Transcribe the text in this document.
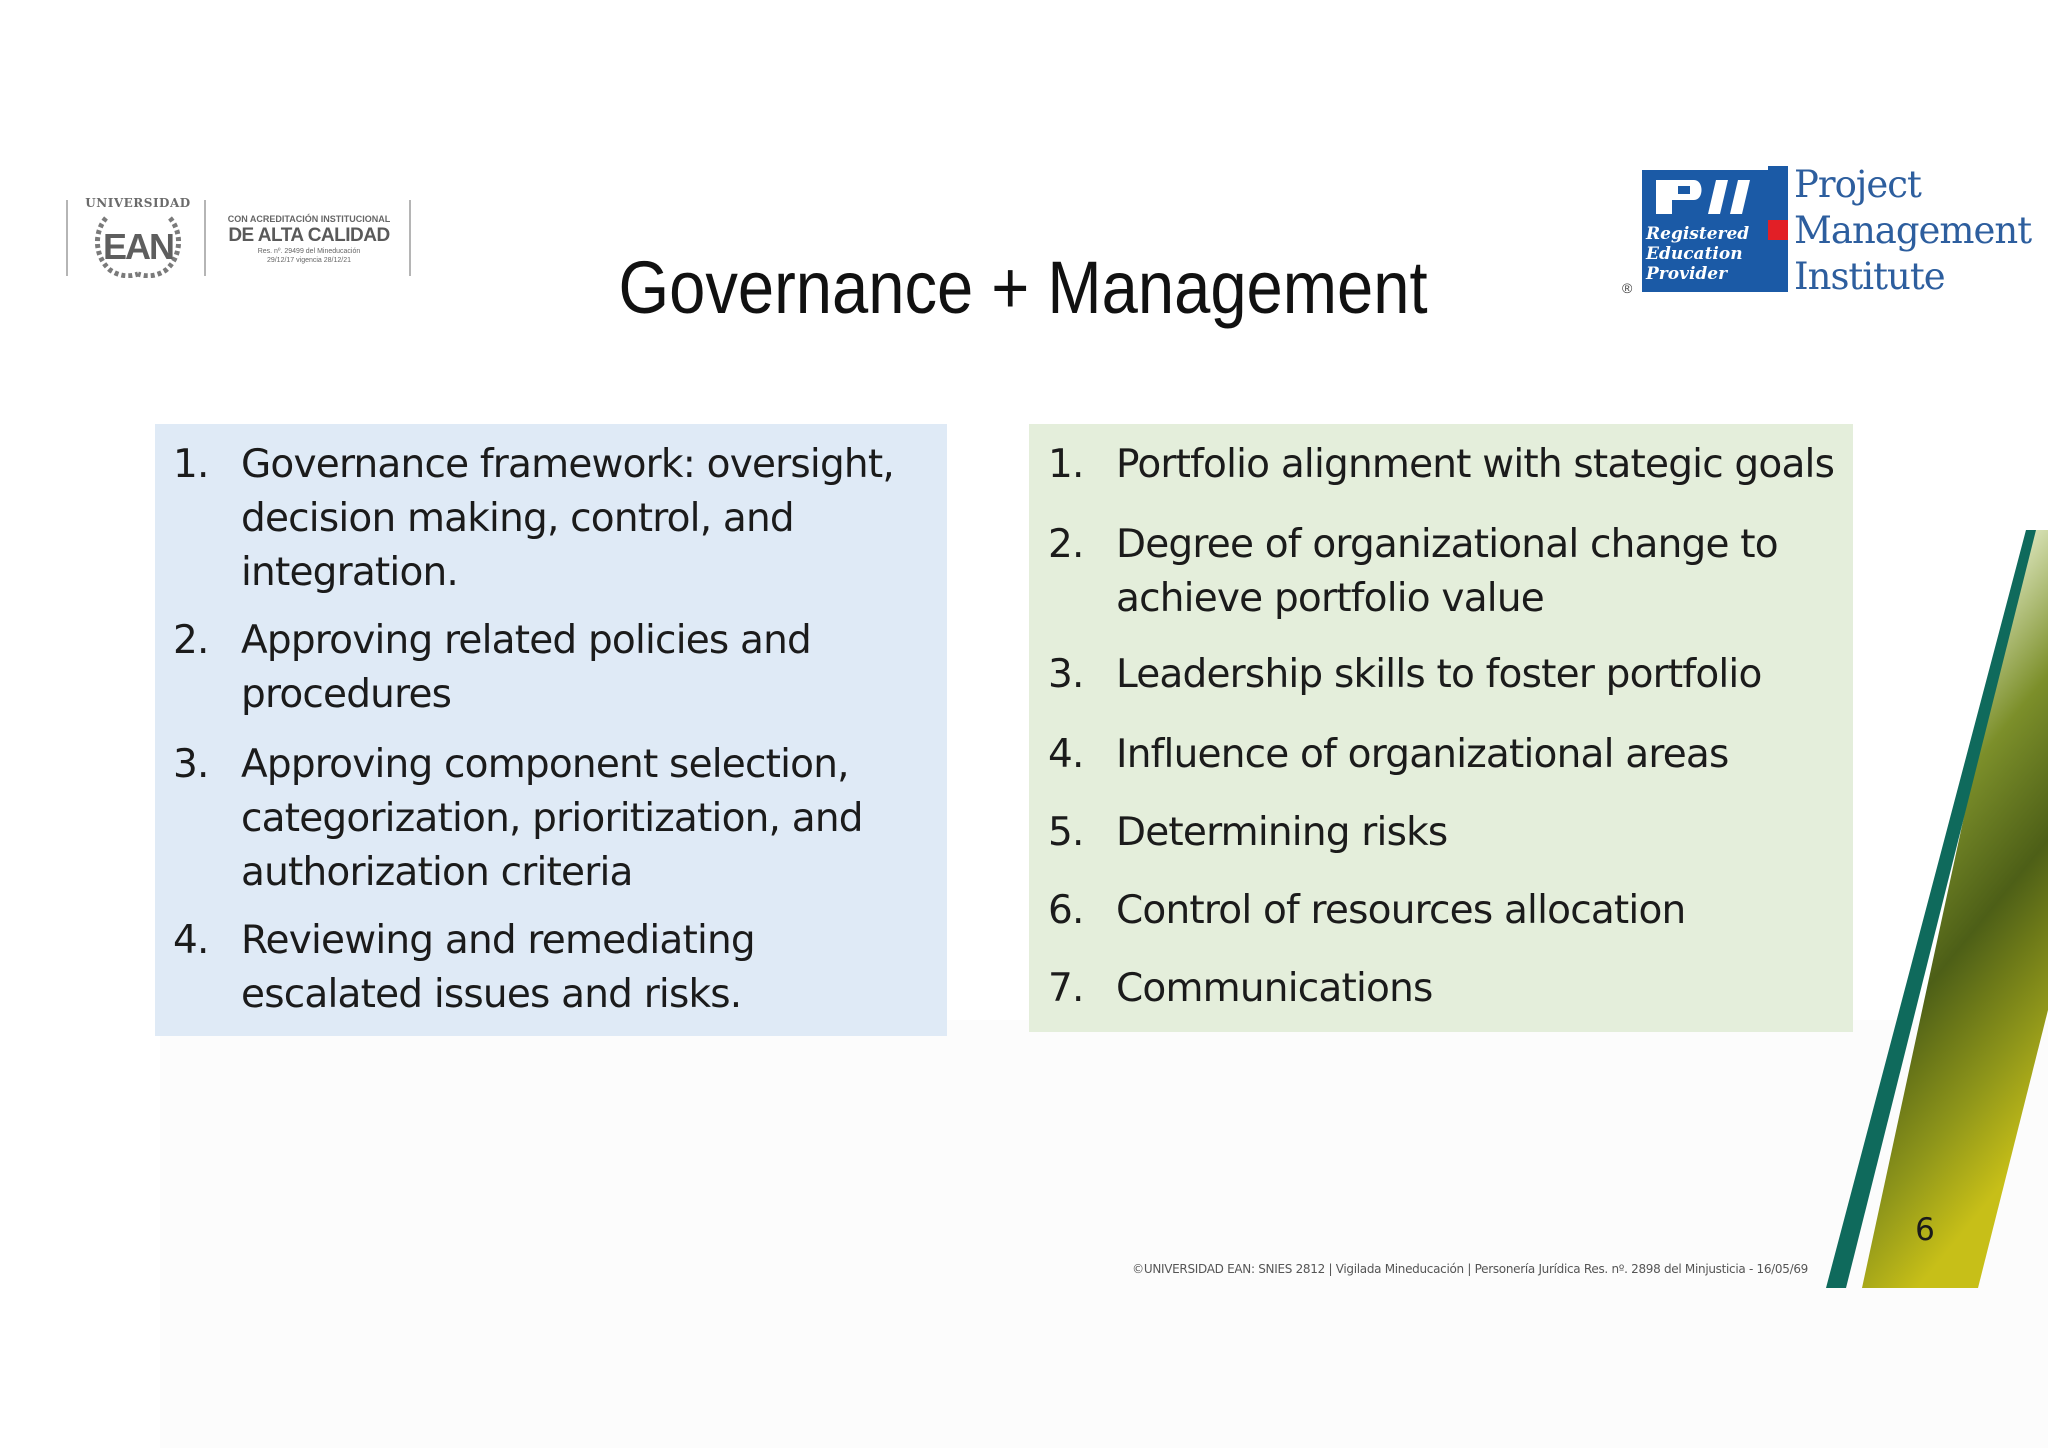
UNIVERSIDAD
EAN
CON ACREDITACIÓN INSTITUCIONAL
DE ALTA CALIDAD
Res. nº. 29499 del Mineducación
29/12/17 vigencia 28/12/21
Registered
Education
Provider
®
Project
Management
Institute
Governance + Management
1. Governance framework: oversight, decision making, control, and integration.
2. Approving related policies and procedures
3. Approving component selection, categorization, prioritization, and authorization criteria
4. Reviewing and remediating escalated issues and risks.
1. Portfolio alignment with stategic goals
2. Degree of organizational change to achieve portfolio value
3. Leadership skills to foster portfolio
4. Influence of organizational areas
5. Determining risks
6. Control of resources allocation
7. Communications
6
©UNIVERSIDAD EAN: SNIES 2812 | Vigilada Mineducación | Personería Jurídica Res. nº. 2898 del Minjusticia - 16/05/69
